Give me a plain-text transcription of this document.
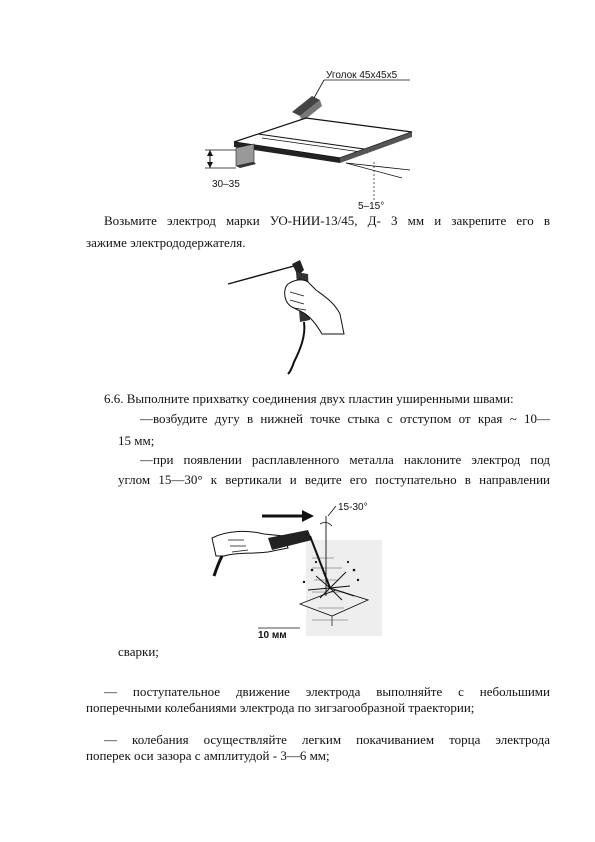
Уголок 45х45х5
30–35
5–15°
Возьмите электрод марки УО-НИИ-13/45, Д- 3 мм и закрепите его в
зажиме электрододержателя.
6.6. Выполните прихватку соединения двух пластин уширенными швами:
—возбудите дугу в нижней точке стыка с отступом от края ~ 10—
15 мм;
—при появлении расплавленного металла наклоните электрод под
углом 15—30° к вертикали и ведите его поступательно в направлении
15-30°
10 мм
сварки;
— поступательное движение электрода выполняйте с небольшими
поперечными колебаниями электрода по зигзагообразной траектории;
— колебания осуществляйте легким покачиванием торца электрода
поперек оси зазора с амплитудой - 3—6 мм;
